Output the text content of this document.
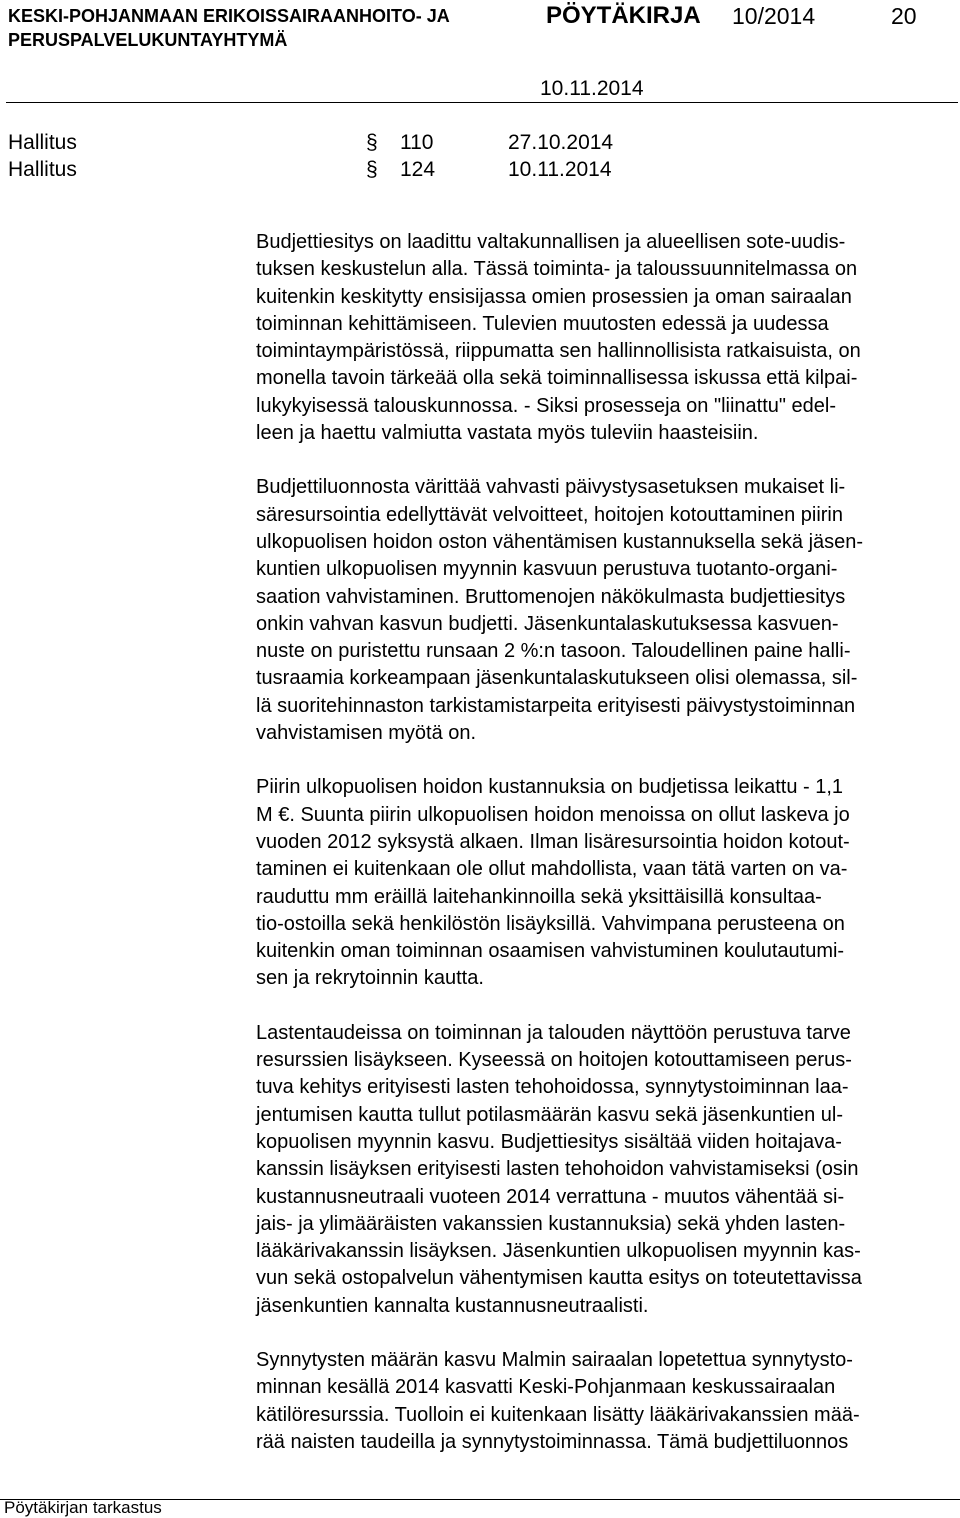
KESKI-POHJANMAAN ERIKOISSAIRAANHOITO- JA
PERUSPALVELUKUNTAYHTYMÄ
PÖYTÄKIRJA 10/2014	20
10.11.2014
Hallitus	§ 110	27.10.2014
Hallitus	§ 124	10.11.2014

Budjettiesitys on laadittu valtakunnallisen ja alueellisen sote-uudis-
tuksen keskustelun alla. Tässä toiminta- ja taloussuunnitelmassa on
kuitenkin keskitytty ensisijassa omien prosessien ja oman sairaalan
toiminnan kehittämiseen. Tulevien muutosten edessä ja uudessa
toimintaympäristössä, riippumatta sen hallinnollisista ratkaisuista, on
monella tavoin tärkeää olla sekä toiminnallisessa iskussa että kilpai-
lukykyisessä talouskunnossa. - Siksi prosesseja on "liinattu" edel-
leen ja haettu valmiutta vastata myös tuleviin haasteisiin.

Budjettiluonnosta värittää vahvasti päivystysasetuksen mukaiset li-
säresursointia edellyttävät velvoitteet, hoitojen kotouttaminen piirin
ulkopuolisen hoidon oston vähentämisen kustannuksella sekä jäsen-
kuntien ulkopuolisen myynnin kasvuun perustuva tuotanto-organi-
saation vahvistaminen. Bruttomenojen näkökulmasta budjettiesitys
onkin vahvan kasvun budjetti. Jäsenkuntalaskutuksessa kasvuen-
nuste on puristettu runsaan 2 %:n tasoon. Taloudellinen paine halli-
tusraamia korkeampaan jäsenkuntalaskutukseen olisi olemassa, sil-
lä suoritehinnaston tarkistamistarpeita erityisesti päivystystoiminnan
vahvistamisen myötä on.

Piirin ulkopuolisen hoidon kustannuksia on budjetissa leikattu - 1,1
M €. Suunta piirin ulkopuolisen hoidon menoissa on ollut laskeva jo
vuoden 2012 syksystä alkaen. Ilman lisäresursointia hoidon kotout-
taminen ei kuitenkaan ole ollut mahdollista, vaan tätä varten on va-
rauduttu mm eräillä laitehankinnoilla sekä yksittäisillä konsultaa-
tio-ostoilla sekä henkilöstön lisäyksillä. Vahvimpana perusteena on
kuitenkin oman toiminnan osaamisen vahvistuminen koulutautumi-
sen ja rekrytoinnin kautta.

Lastentaudeissa on toiminnan ja talouden näyttöön perustuva tarve
resurssien lisäykseen. Kyseessä on hoitojen kotouttamiseen perus-
tuva kehitys erityisesti lasten tehohoidossa, synnytystoiminnan laa-
jentumisen kautta tullut potilasmäärän kasvu sekä jäsenkuntien ul-
kopuolisen myynnin kasvu. Budjettiesitys sisältää viiden hoitajava-
kanssin lisäyksen erityisesti lasten tehohoidon vahvistamiseksi (osin
kustannusneutraali vuoteen 2014 verrattuna - muutos vähentää si-
jais- ja ylimääräisten vakanssien kustannuksia) sekä yhden lasten-
lääkärivakanssin lisäyksen. Jäsenkuntien ulkopuolisen myynnin kas-
vun sekä ostopalvelun vähentymisen kautta esitys on toteutettavissa
jäsenkuntien kannalta kustannusneutraalisti.

Synnytysten määrän kasvu Malmin sairaalan lopetettua synnytysto-
minnan kesällä 2014 kasvatti Keski-Pohjanmaan keskussairaalan
kätilöresurssia. Tuolloin ei kuitenkaan lisätty lääkärivakanssien mää-
rää naisten taudeilla ja synnytystoiminnassa. Tämä budjettiluonnos

Pöytäkirjan tarkastus
